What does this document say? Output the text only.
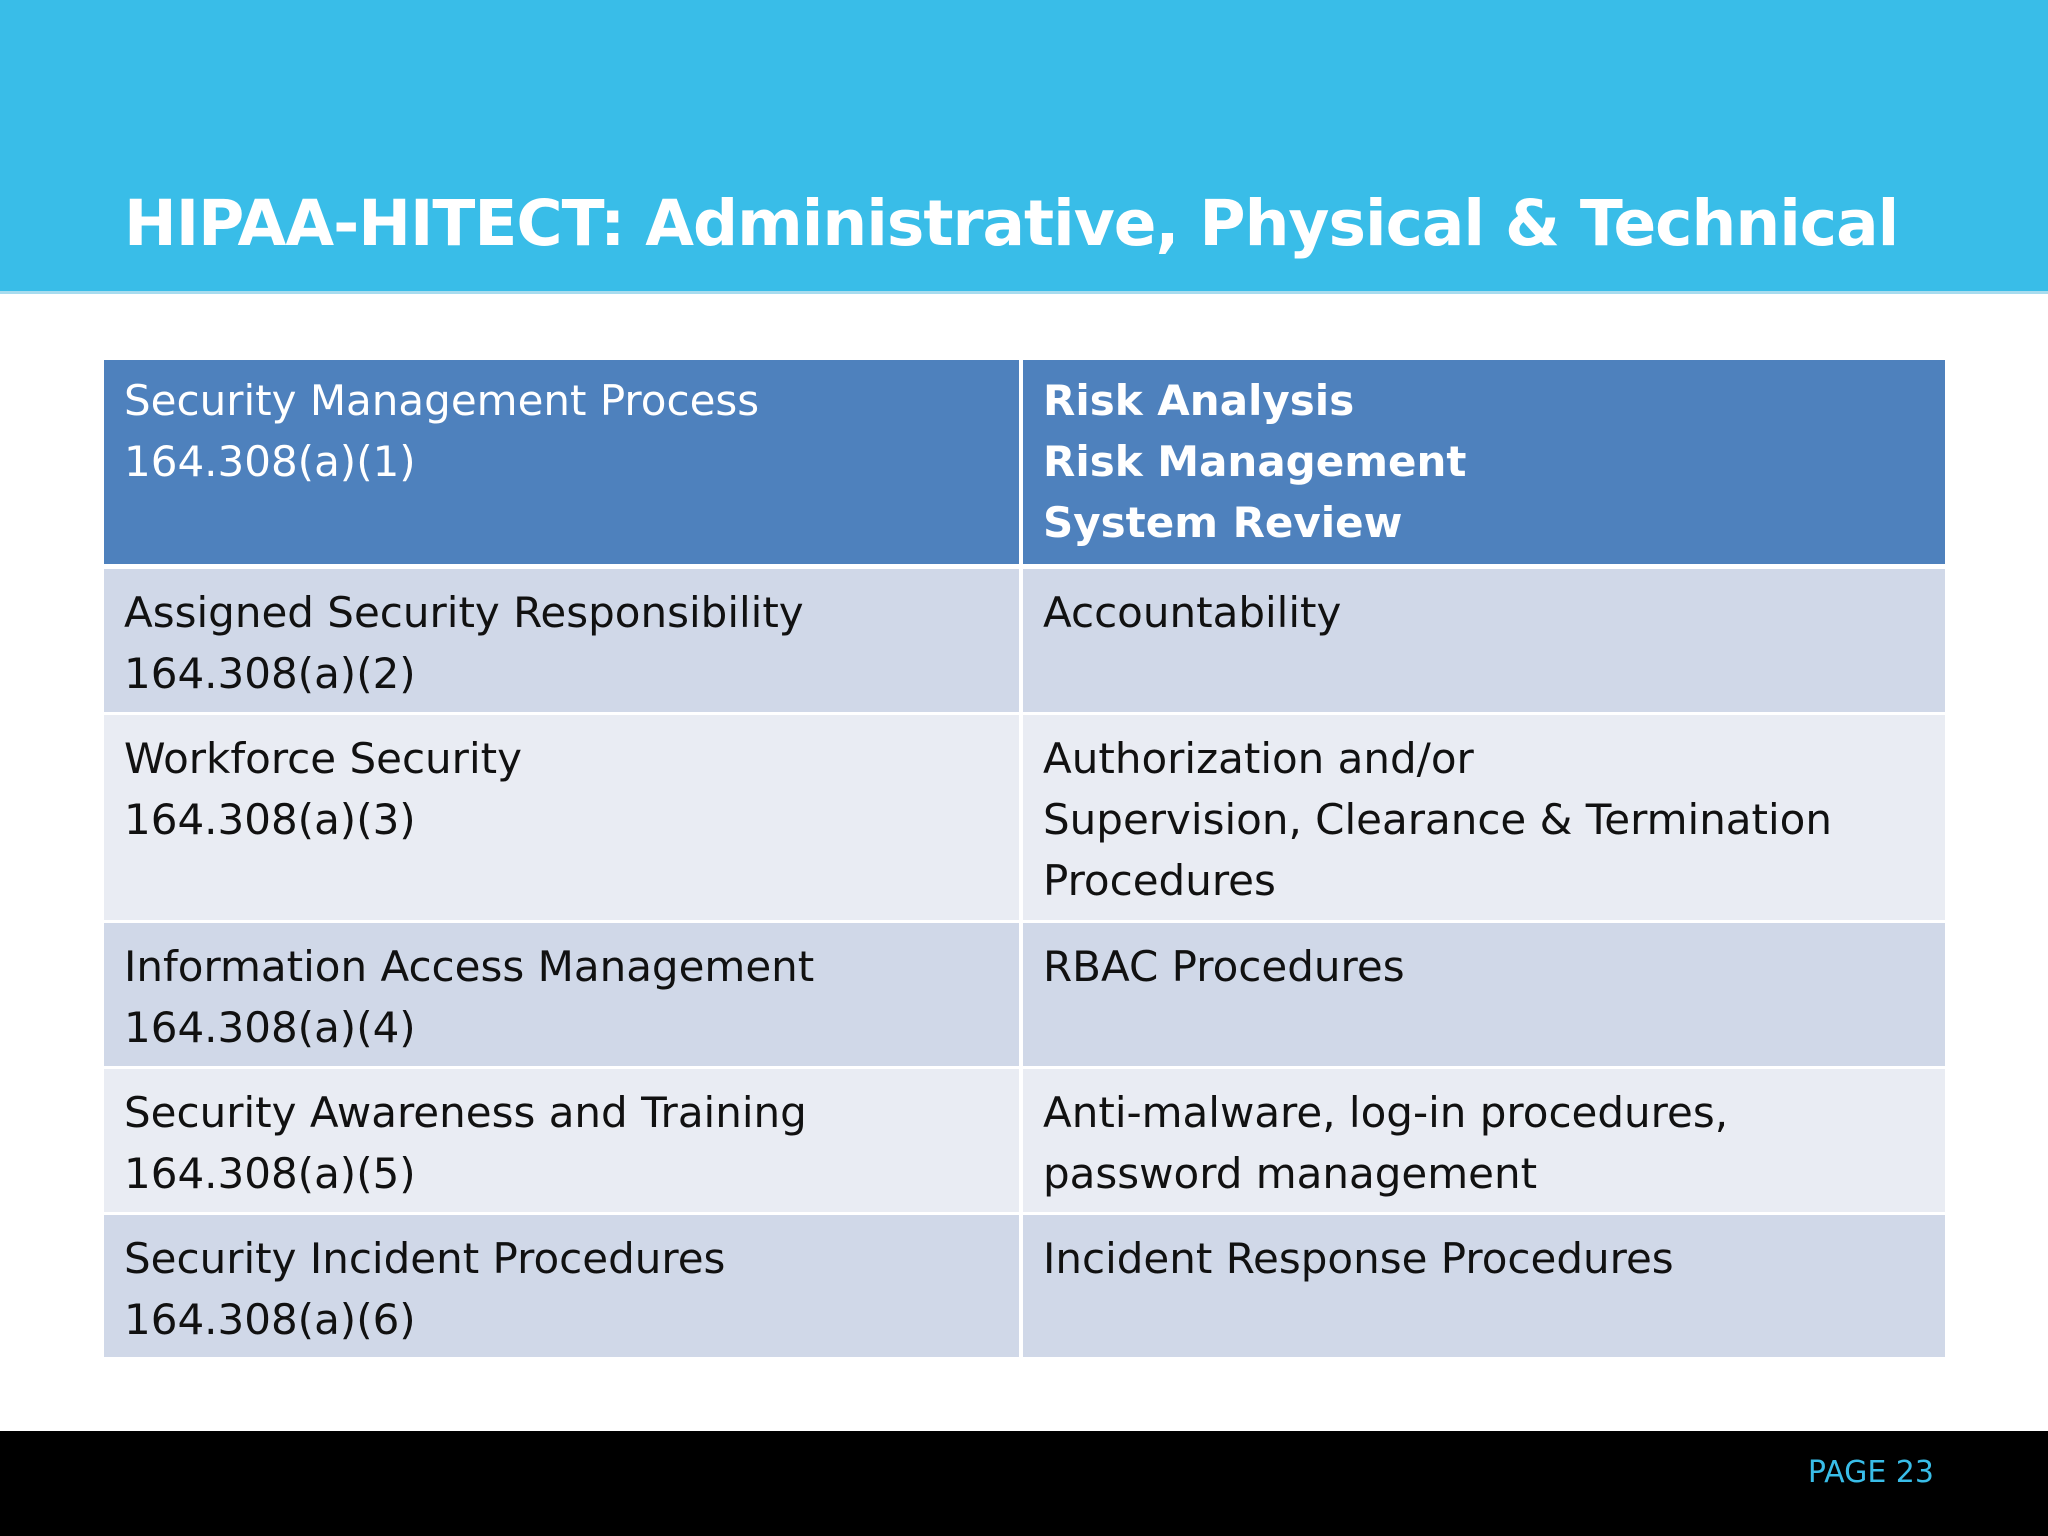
HIPAA-HITECT: Administrative, Physical & Technical
Security Management Process
164.308(a)(1)
Risk Analysis
Risk Management
System Review
Assigned Security Responsibility
164.308(a)(2)
Accountability
Workforce Security
164.308(a)(3)
Authorization and/or
Supervision, Clearance & Termination
Procedures
Information Access Management
164.308(a)(4)
RBAC Procedures
Security Awareness and Training
164.308(a)(5)
Anti-malware, log-in procedures,
password management
Security Incident Procedures
164.308(a)(6)
Incident Response Procedures
PAGE 23
